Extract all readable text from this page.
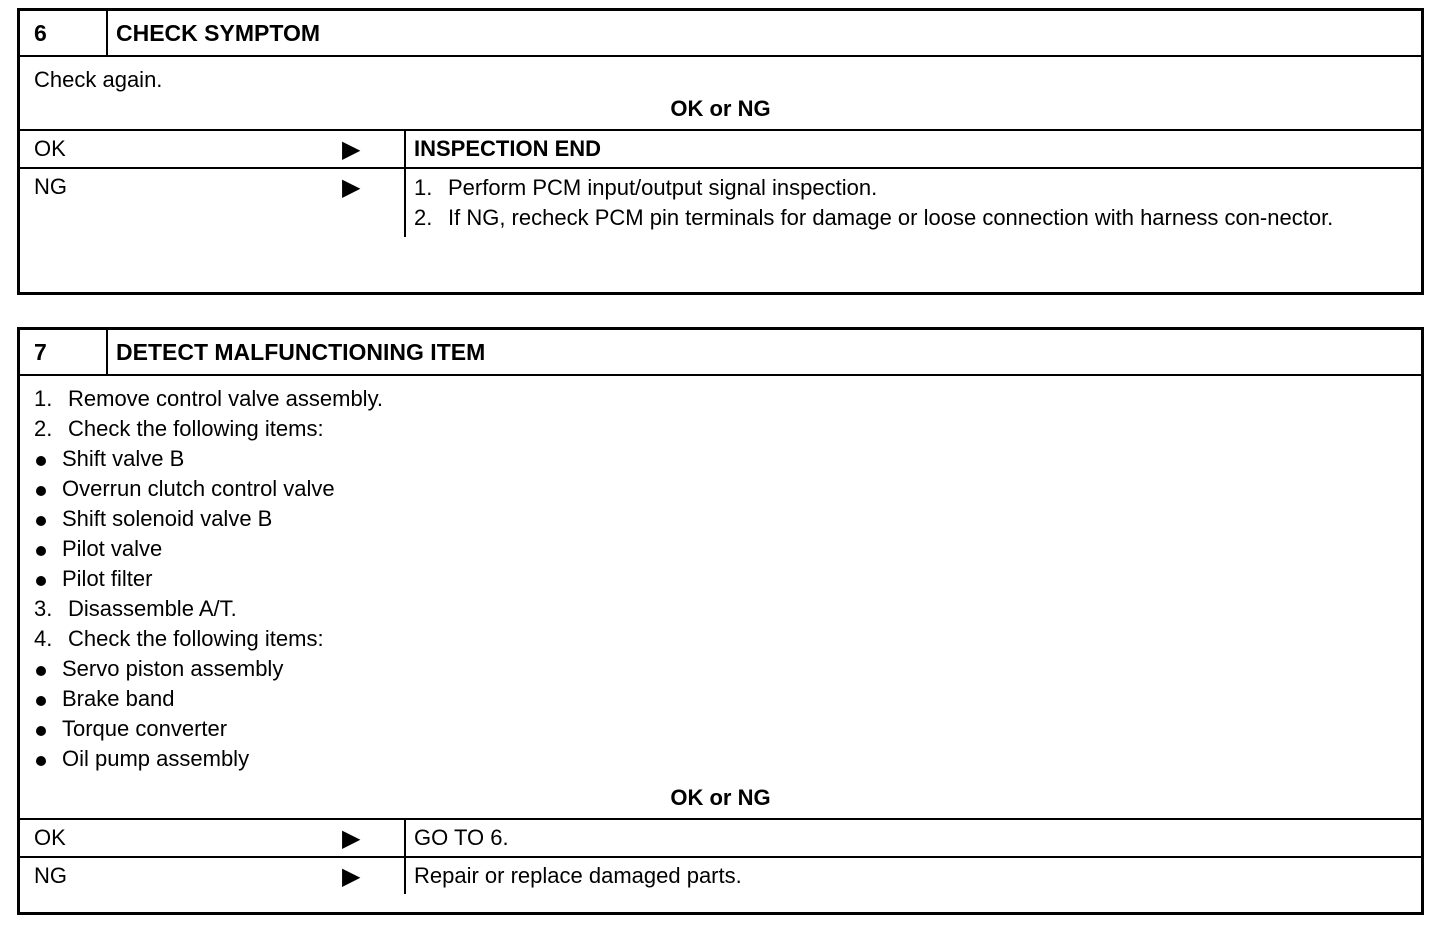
6	CHECK SYMPTOM
Check again.
OK or NG
OK	▶	INSPECTION END
NG	▶ 1. Perform PCM input/output signal inspection.
2. If NG, recheck PCM pin terminals for damage or loose connection with harness con-nector.
7	DETECT MALFUNCTIONING ITEM
1. Remove control valve assembly.
2. Check the following items:
Shift valve B
Overrun clutch control valve
Shift solenoid valve B
Pilot valve
Pilot filter
3. Disassemble A/T.
4. Check the following items:
Servo piston assembly
Brake band
Torque converter
Oil pump assembly
OK or NG
OK	▶	GO TO 6.
NG	▶	Repair or replace damaged parts.
